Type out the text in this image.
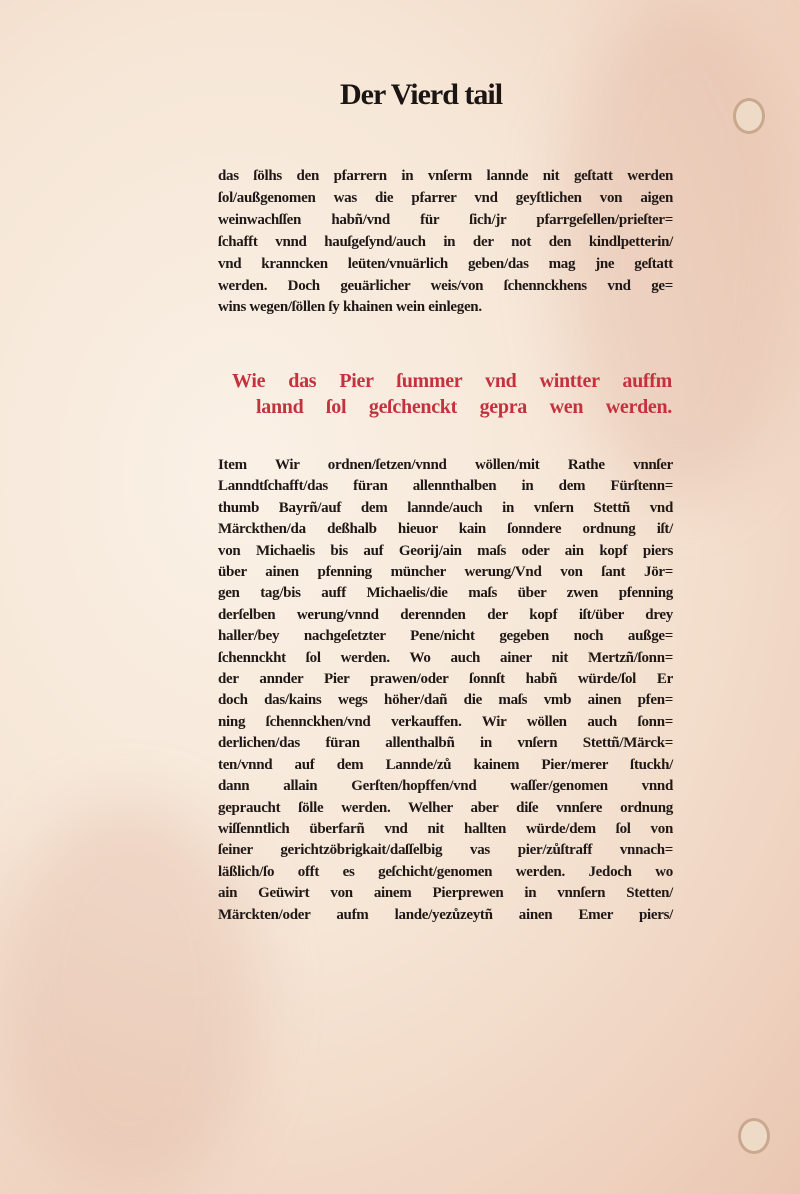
Der Vierd tail
das ſölhs den pfarrern in vnſerm lannde nit geſtatt werden
ſol/außgenomen was die pfarrer vnd geyſtlichen von aigen
weinwachſſen habñ/vnd für ſich/jr pfarrgeſellen/prieſter=
ſchafft vnnd hauſgeſynd/auch in der not den kindlpetterin/
vnd kranncken leüten/vnuärlich geben/das mag jne geſtatt
werden. Doch geuärlicher weis/von ſchennckhens vnd ge=
wins wegen/ſöllen ſy khainen wein einlegen.
Wie das Pier ſummer vnd wintter auffm
lannd ſol geſchenckt gepra wen werden.
Item Wir ordnen/ſetzen/vnnd wöllen/mit Rathe vnnſer
Lanndtſchafft/das füran allennthalben in dem Fürſtenn=
thumb Bayrñ/auf dem lannde/auch in vnſern Stettñ vnd
Märckthen/da deßhalb hieuor kain ſonndere ordnung iſt/
von Michaelis bis auf Georij/ain maſs oder ain kopf piers
über ainen pfenning müncher werung/Vnd von ſant Jör=
gen tag/bis auff Michaelis/die maſs über zwen pfenning
derſelben werung/vnnd derennden der kopf iſt/über drey
haller/bey nachgeſetzter Pene/nicht gegeben noch außge=
ſchennckht ſol werden. Wo auch ainer nit Mertzñ/ſonn=
der annder Pier prawen/oder ſonnſt habñ würde/ſol Er
doch das/kains wegs höher/dañ die maſs vmb ainen pfen=
ning ſchennckhen/vnd verkauffen. Wir wöllen auch ſonn=
derlichen/das füran allenthalbñ in vnſern Stettñ/Märck=
ten/vnnd auf dem Lannde/zů kainem Pier/merer ſtuckh/
dann allain Gerſten/hopffen/vnd waſſer/genomen vnnd
gepraucht ſölle werden. Welher aber diſe vnnſere ordnung
wiſſenntlich überfarñ vnd nit hallten würde/dem ſol von
ſeiner gerichtzöbrigkait/daſſelbig vas pier/zůſtraff vnnach=
läßlich/ſo offt es geſchicht/genomen werden. Jedoch wo
ain Geüwirt von ainem Pierprewen in vnnſern Stetten/
Märckten/oder aufm lande/yezůzeytñ ainen Emer piers/
